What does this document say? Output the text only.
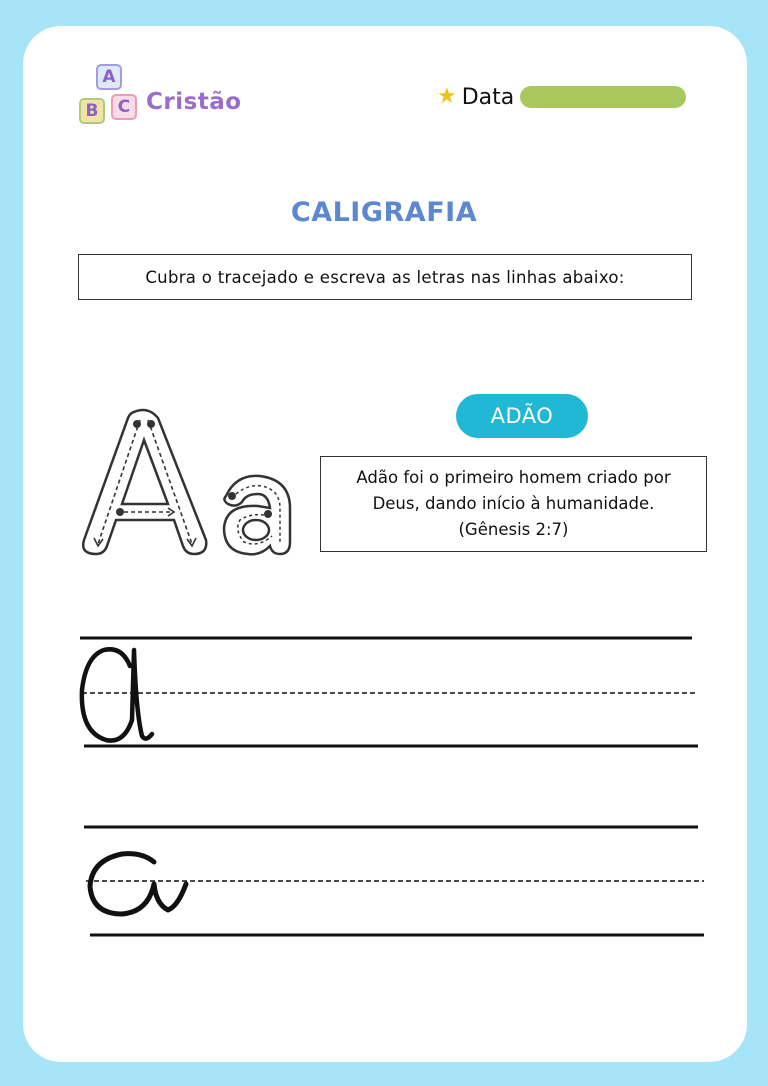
A
B	C Cristão	★ Data
CALIGRAFIA
Cubra o tracejado e escreva as letras nas linhas abaixo:
ADÃO
Adão foi o primeiro homem criado por Deus, dando início à humanidade. (Gênesis 2:7)
